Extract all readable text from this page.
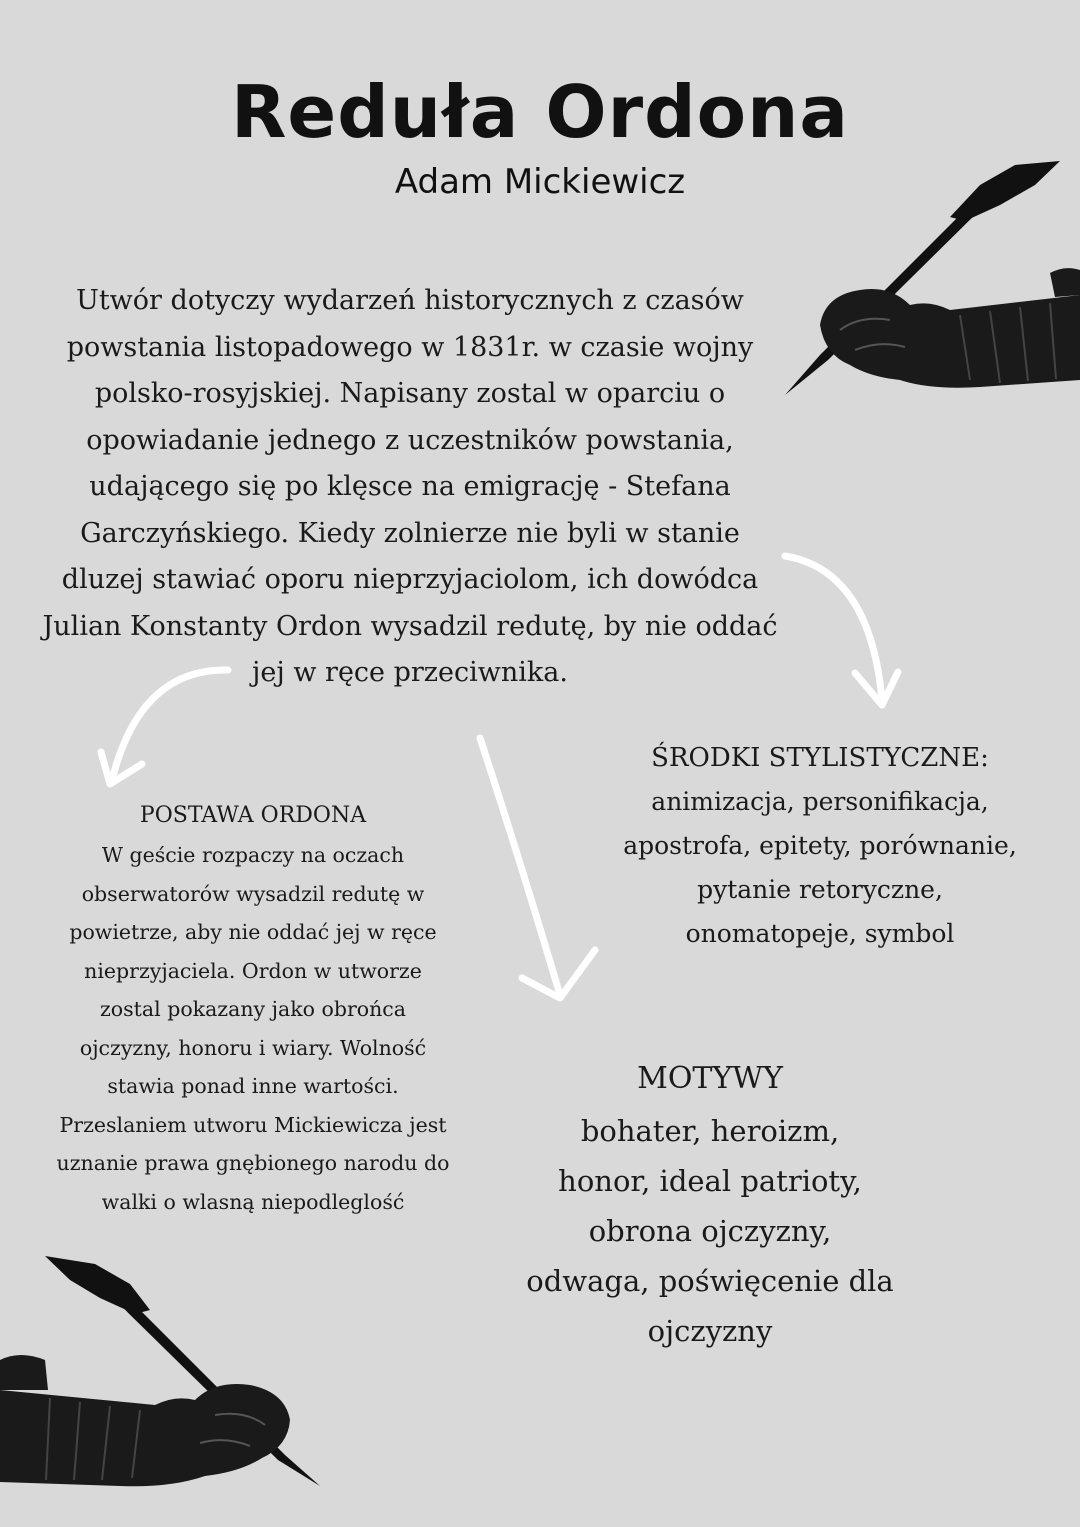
Reduła Ordona
Adam Mickiewicz
Utwór dotyczy wydarzeń historycznych z czasów
powstania listopadowego w 1831r. w czasie wojny
polsko-rosyjskiej. Napisany zostal w oparciu o
opowiadanie jednego z uczestników powstania,
udającego się po klęsce na emigrację - Stefana
Garczyńskiego. Kiedy zolnierze nie byli w stanie
dluzej stawiać oporu nieprzyjaciolom, ich dowódca
Julian Konstanty Ordon wysadzil redutę, by nie oddać
jej w ręce przeciwnika.
POSTAWA ORDONA
W geście rozpaczy na oczach
obserwatorów wysadzil redutę w
powietrze, aby nie oddać jej w ręce
nieprzyjaciela. Ordon w utworze
zostal pokazany jako obrońca
ojczyzny, honoru i wiary. Wolność
stawia ponad inne wartości.
Przeslaniem utworu Mickiewicza jest
uznanie prawa gnębionego narodu do
walki o wlasną niepodleglość
ŚRODKI STYLISTYCZNE:
animizacja, personifikacja,
apostrofa, epitety, porównanie,
pytanie retoryczne,
onomatopeje, symbol
MOTYWY
bohater, heroizm,
honor, ideal patrioty,
obrona ojczyzny,
odwaga, poświęcenie dla
ojczyzny
